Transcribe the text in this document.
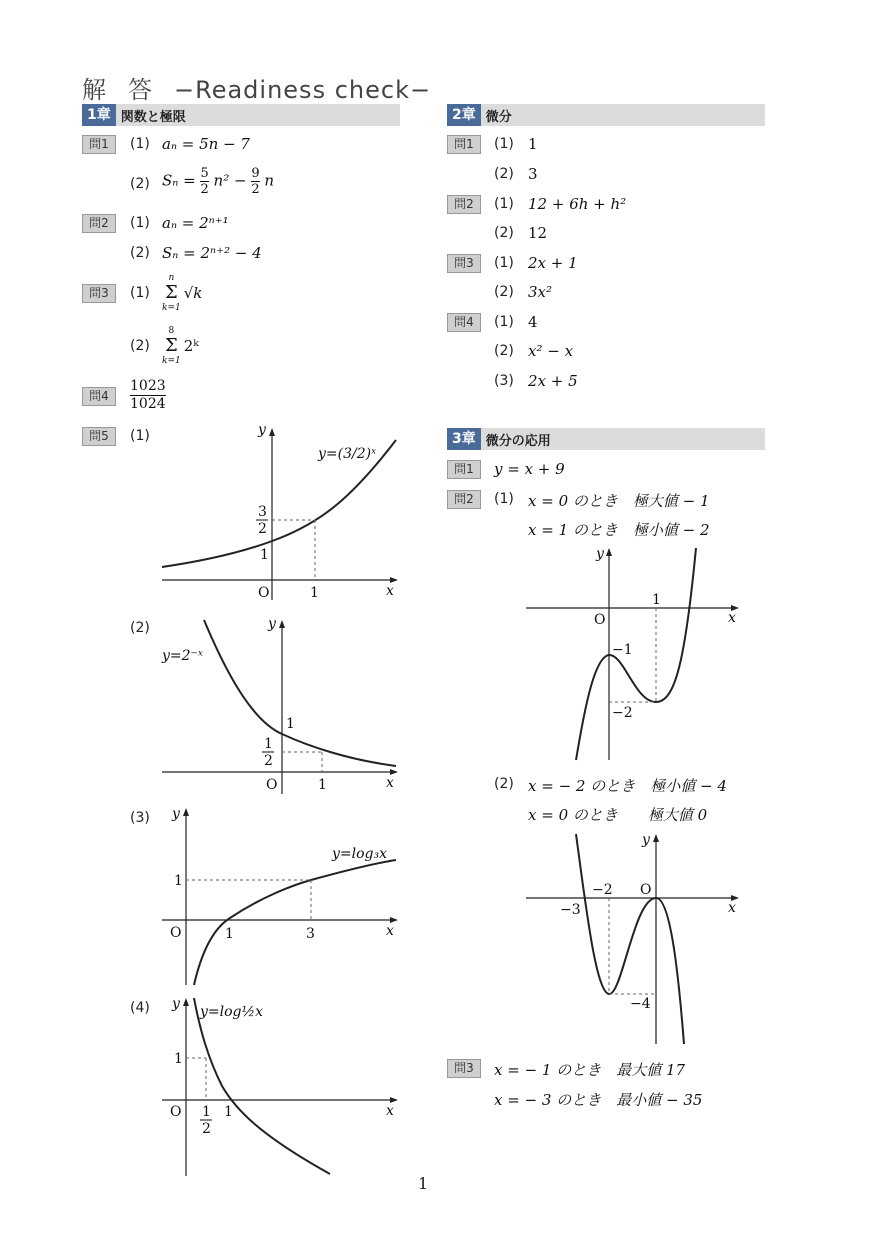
解 答 −Readiness check−
1章 関数と極限
問1	(1) aₙ = 5n − 7
(2) $S_n = \frac{5}{2} n^2 - \frac{9}{2}$ n
問2	(1) aₙ = 2ⁿ⁺¹
(2) Sₙ = 2ⁿ⁺² − 4
問3	(1)
n
Σ
k=1
√k
(2)
8
Σ
k=1
2ᵏ
問4	$\frac{1023}{1024}$
問5	(1)	y
x
O	1
1
3
2
y=(3/2)ˣ
(2)	y
x
O	1
1
1
2
y=2⁻ˣ
(3) y
x
O	1	3
1
y=log₃x
(4) y
x
O	1
1
1
2
y=log½x
2章 微分
問1	(1) 1
(2) 3
問2	(1) 12 + 6h + h²
(2) 12
問3	(1) 2x + 1
(2) 3x²
問4	(1) 4
(2) x² − x
(3) 2x + 5
3章 微分の応用
問1	y = x + 9
問2	(1) x = 0 のとき　極大値 − 1
x = 1 のとき　極小値 − 2
y
x
O
1
−1
−2
(2) x = − 2 のとき　極小値 − 4
x = 0 のとき　　極大値 0
y
x
O
−2
−3
−4
問3	x = − 1 のとき　最大値 17
x = − 3 のとき　最小値 − 35
1
